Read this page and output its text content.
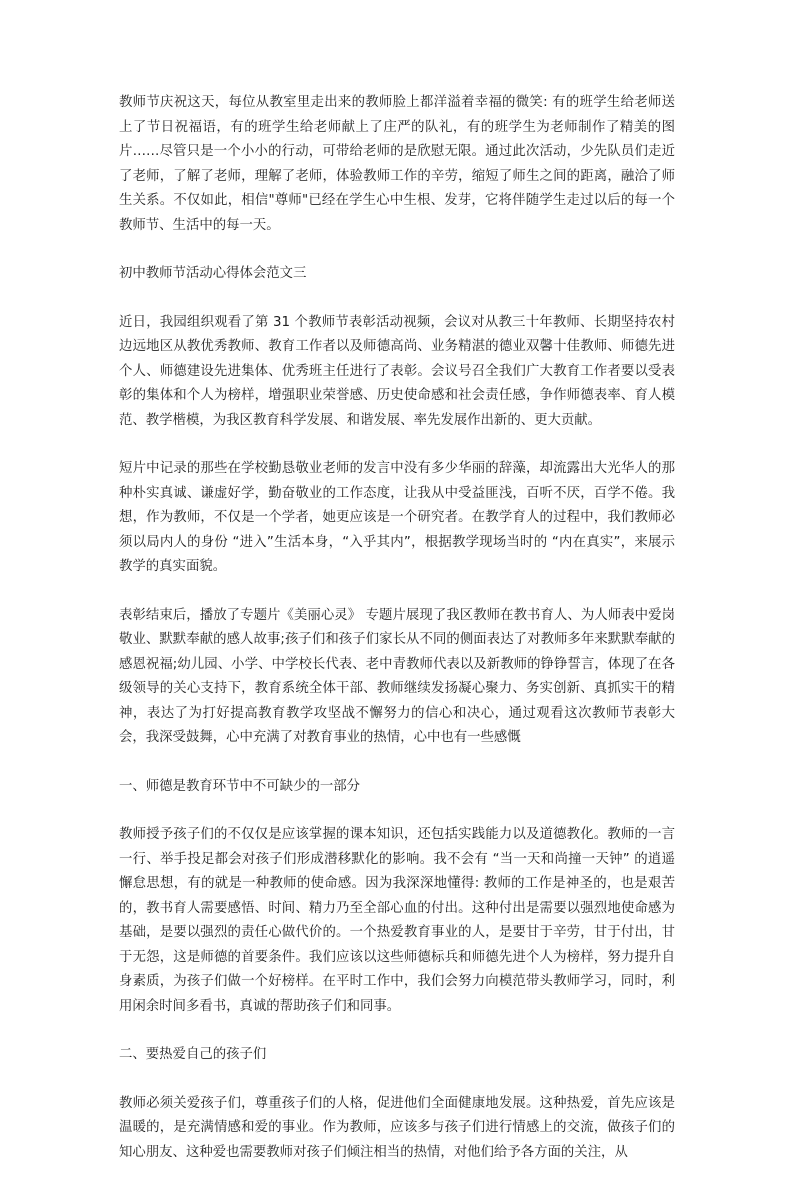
教师节庆祝这天，每位从教室里走出来的教师脸上都洋溢着幸福的微笑: 有的班学生给老师送上了节日祝福语，有的班学生给老师献上了庄严的队礼，有的班学生为老师制作了精美的图片……尽管只是一个小小的行动，可带给老师的是欣慰无限。通过此次活动，少先队员们走近了老师，了解了老师，理解了老师，体验教师工作的辛劳，缩短了师生之间的距离，融洽了师生关系。不仅如此，相信"尊师"已经在学生心中生根、发芽，它将伴随学生走过以后的每一个教师节、生活中的每一天。

初中教师节活动心得体会范文三

近日，我园组织观看了第 31 个教师节表彰活动视频，会议对从教三十年教师、长期坚持农村边远地区从教优秀教师、教育工作者以及师德高尚、业务精湛的德业双馨十佳教师、师德先进个人、师德建设先进集体、优秀班主任进行了表彰。会议号召全我们广大教育工作者要以受表彰的集体和个人为榜样，增强职业荣誉感、历史使命感和社会责任感，争作师德表率、育人模范、教学楷模，为我区教育科学发展、和谐发展、率先发展作出新的、更大贡献。

短片中记录的那些在学校勤恳敬业老师的发言中没有多少华丽的辞藻，却流露出大光华人的那种朴实真诚、谦虚好学，勤奋敬业的工作态度，让我从中受益匪浅，百听不厌，百学不倦。我想，作为教师，不仅是一个学者，她更应该是一个研究者。在教学育人的过程中，我们教师必须以局内人的身份 “进入”生活本身，“入乎其内”，根据教学现场当时的 “内在真实”，来展示教学的真实面貌。

表彰结束后，播放了专题片《美丽心灵》 专题片展现了我区教师在教书育人、为人师表中爱岗敬业、默默奉献的感人故事;孩子们和孩子们家长从不同的侧面表达了对教师多年来默默奉献的感恩祝福;幼儿园、小学、中学校长代表、老中青教师代表以及新教师的铮铮誓言，体现了在各级领导的关心支持下，教育系统全体干部、教师继续发扬凝心聚力、务实创新、真抓实干的精神，表达了为打好提高教育教学攻坚战不懈努力的信心和决心，通过观看这次教师节表彰大会，我深受鼓舞，心中充满了对教育事业的热情，心中也有一些感慨

一、师德是教育环节中不可缺少的一部分

教师授予孩子们的不仅仅是应该掌握的课本知识，还包括实践能力以及道德教化。教师的一言一行、举手投足都会对孩子们形成潜移默化的影响。我不会有 “当一天和尚撞一天钟” 的逍遥懈怠思想，有的就是一种教师的使命感。因为我深深地懂得: 教师的工作是神圣的，也是艰苦的，教书育人需要感悟、时间、精力乃至全部心血的付出。这种付出是需要以强烈地使命感为基础，是要以强烈的责任心做代价的。一个热爱教育事业的人，是要甘于辛劳，甘于付出，甘于无怨，这是师德的首要条件。我们应该以这些师德标兵和师德先进个人为榜样，努力提升自身素质，为孩子们做一个好榜样。在平时工作中，我们会努力向模范带头教师学习，同时，利用闲余时间多看书，真诚的帮助孩子们和同事。

二、要热爱自己的孩子们

教师必须关爱孩子们，尊重孩子们的人格，促进他们全面健康地发展。这种热爱，首先应该是温暖的，是充满情感和爱的事业。作为教师，应该多与孩子们进行情感上的交流，做孩子们的知心朋友、这种爱也需要教师对孩子们倾注相当的热情，对他们给予各方面的关注，从
